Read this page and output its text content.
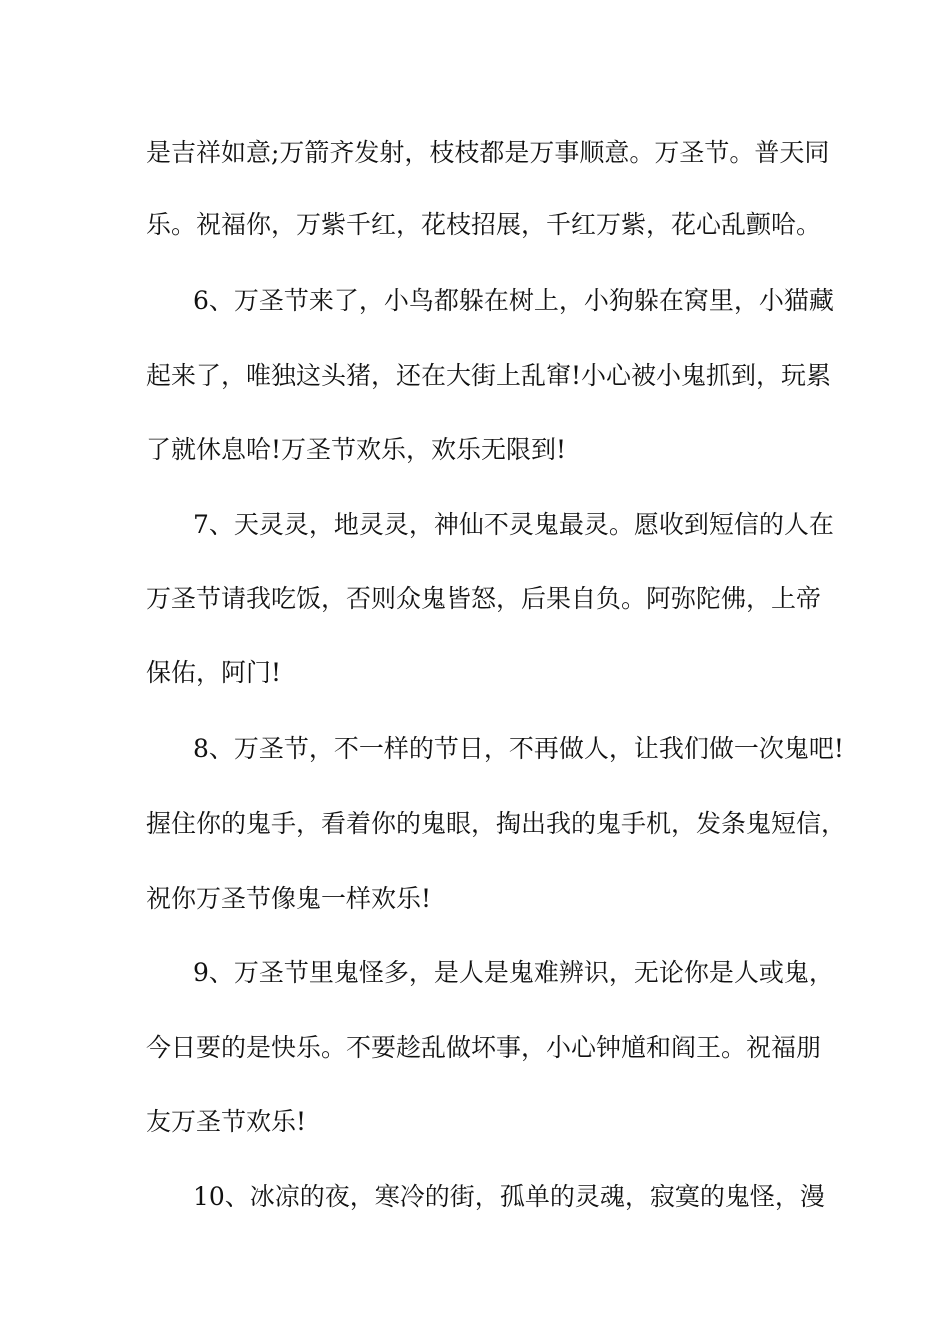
是吉祥如意;万箭齐发射，枝枝都是万事顺意。万圣节。普天同

乐。祝福你，万紫千红，花枝招展，千红万紫，花心乱颤哈。

6、万圣节来了，小鸟都躲在树上，小狗躲在窝里，小猫藏

起来了，唯独这头猪，还在大街上乱窜!小心被小鬼抓到，玩累

了就休息哈!万圣节欢乐，欢乐无限到!

7、天灵灵，地灵灵，神仙不灵鬼最灵。愿收到短信的人在

万圣节请我吃饭，否则众鬼皆怒，后果自负。阿弥陀佛，上帝

保佑，阿门!

8、万圣节，不一样的节日，不再做人，让我们做一次鬼吧!

握住你的鬼手，看着你的鬼眼，掏出我的鬼手机，发条鬼短信，

祝你万圣节像鬼一样欢乐!

9、万圣节里鬼怪多，是人是鬼难辨识，无论你是人或鬼，

今日要的是快乐。不要趁乱做坏事，小心钟馗和阎王。祝福朋

友万圣节欢乐!

10、冰凉的夜，寒冷的街，孤单的灵魂，寂寞的鬼怪，漫
